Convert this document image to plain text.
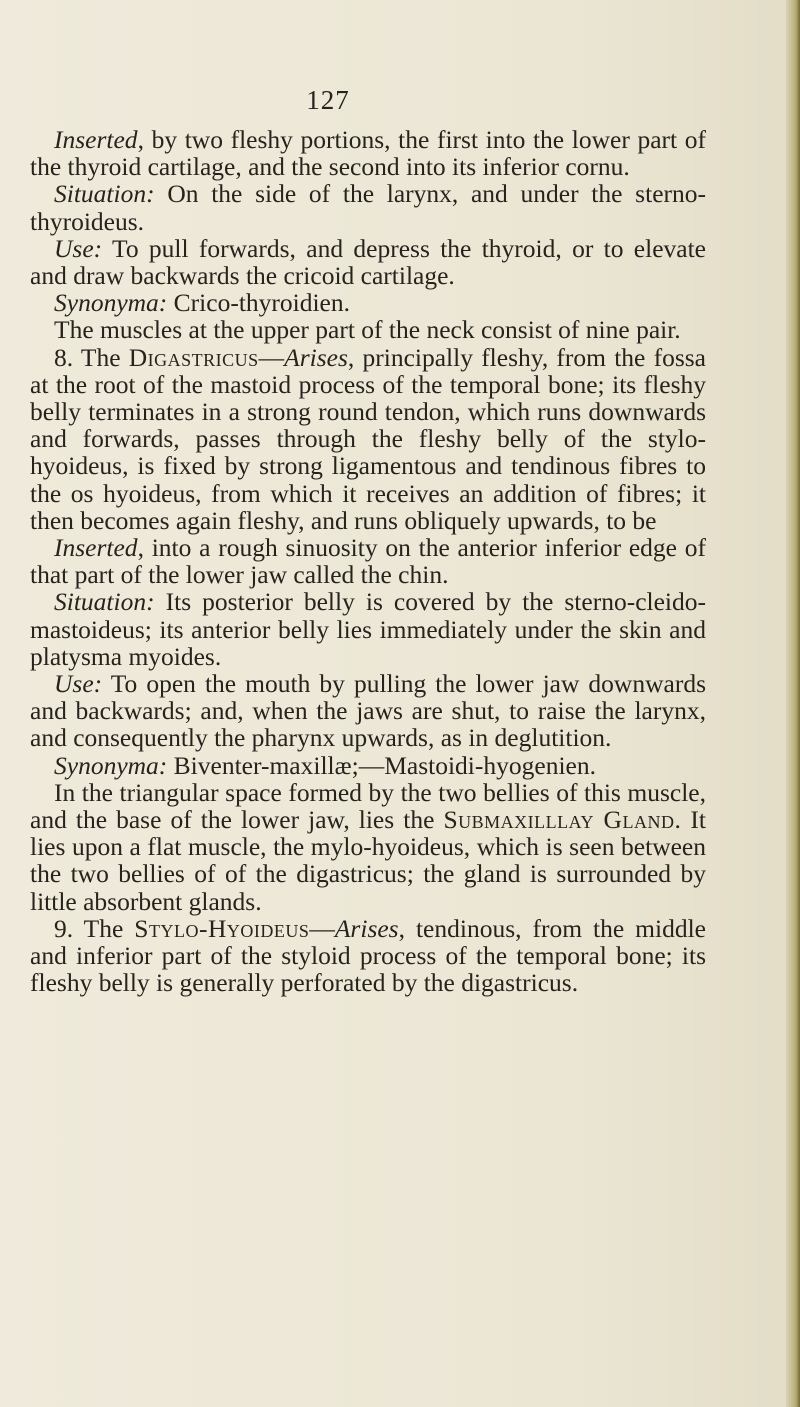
127

Inserted, by two fleshy portions, the first into the lower part of the thyroid cartilage, and the second into its inferior cornu.

Situation: On the side of the larynx, and under the sterno-thyroideus.

Use: To pull forwards, and depress the thyroid, or to elevate and draw backwards the cricoid cartilage.

Synonyma: Crico-thyroidien.

The muscles at the upper part of the neck consist of nine pair.

8. The Digastricus—Arises, principally fleshy, from the fossa at the root of the mastoid process of the temporal bone; its fleshy belly terminates in a strong round tendon, which runs downwards and forwards, passes through the fleshy belly of the stylo-hyoideus, is fixed by strong ligamentous and tendinous fibres to the os hyoideus, from which it receives an addition of fibres; it then becomes again fleshy, and runs obliquely upwards, to be

Inserted, into a rough sinuosity on the anterior inferior edge of that part of the lower jaw called the chin.

Situation: Its posterior belly is covered by the sterno-cleido-mastoideus; its anterior belly lies immediately under the skin and platysma myoides.

Use: To open the mouth by pulling the lower jaw downwards and backwards; and, when the jaws are shut, to raise the larynx, and consequently the pharynx upwards, as in deglutition.

Synonyma: Biventer-maxillæ;—Mastoidi-hyogenien.

In the triangular space formed by the two bellies of this muscle, and the base of the lower jaw, lies the Submaxilllay Gland. It lies upon a flat muscle, the mylo-hyoideus, which is seen between the two bellies of of the digastricus; the gland is surrounded by little absorbent glands.

9. The Stylo-Hyoideus—Arises, tendinous, from the middle and inferior part of the styloid process of the temporal bone; its fleshy belly is generally perforated by the digastricus.
